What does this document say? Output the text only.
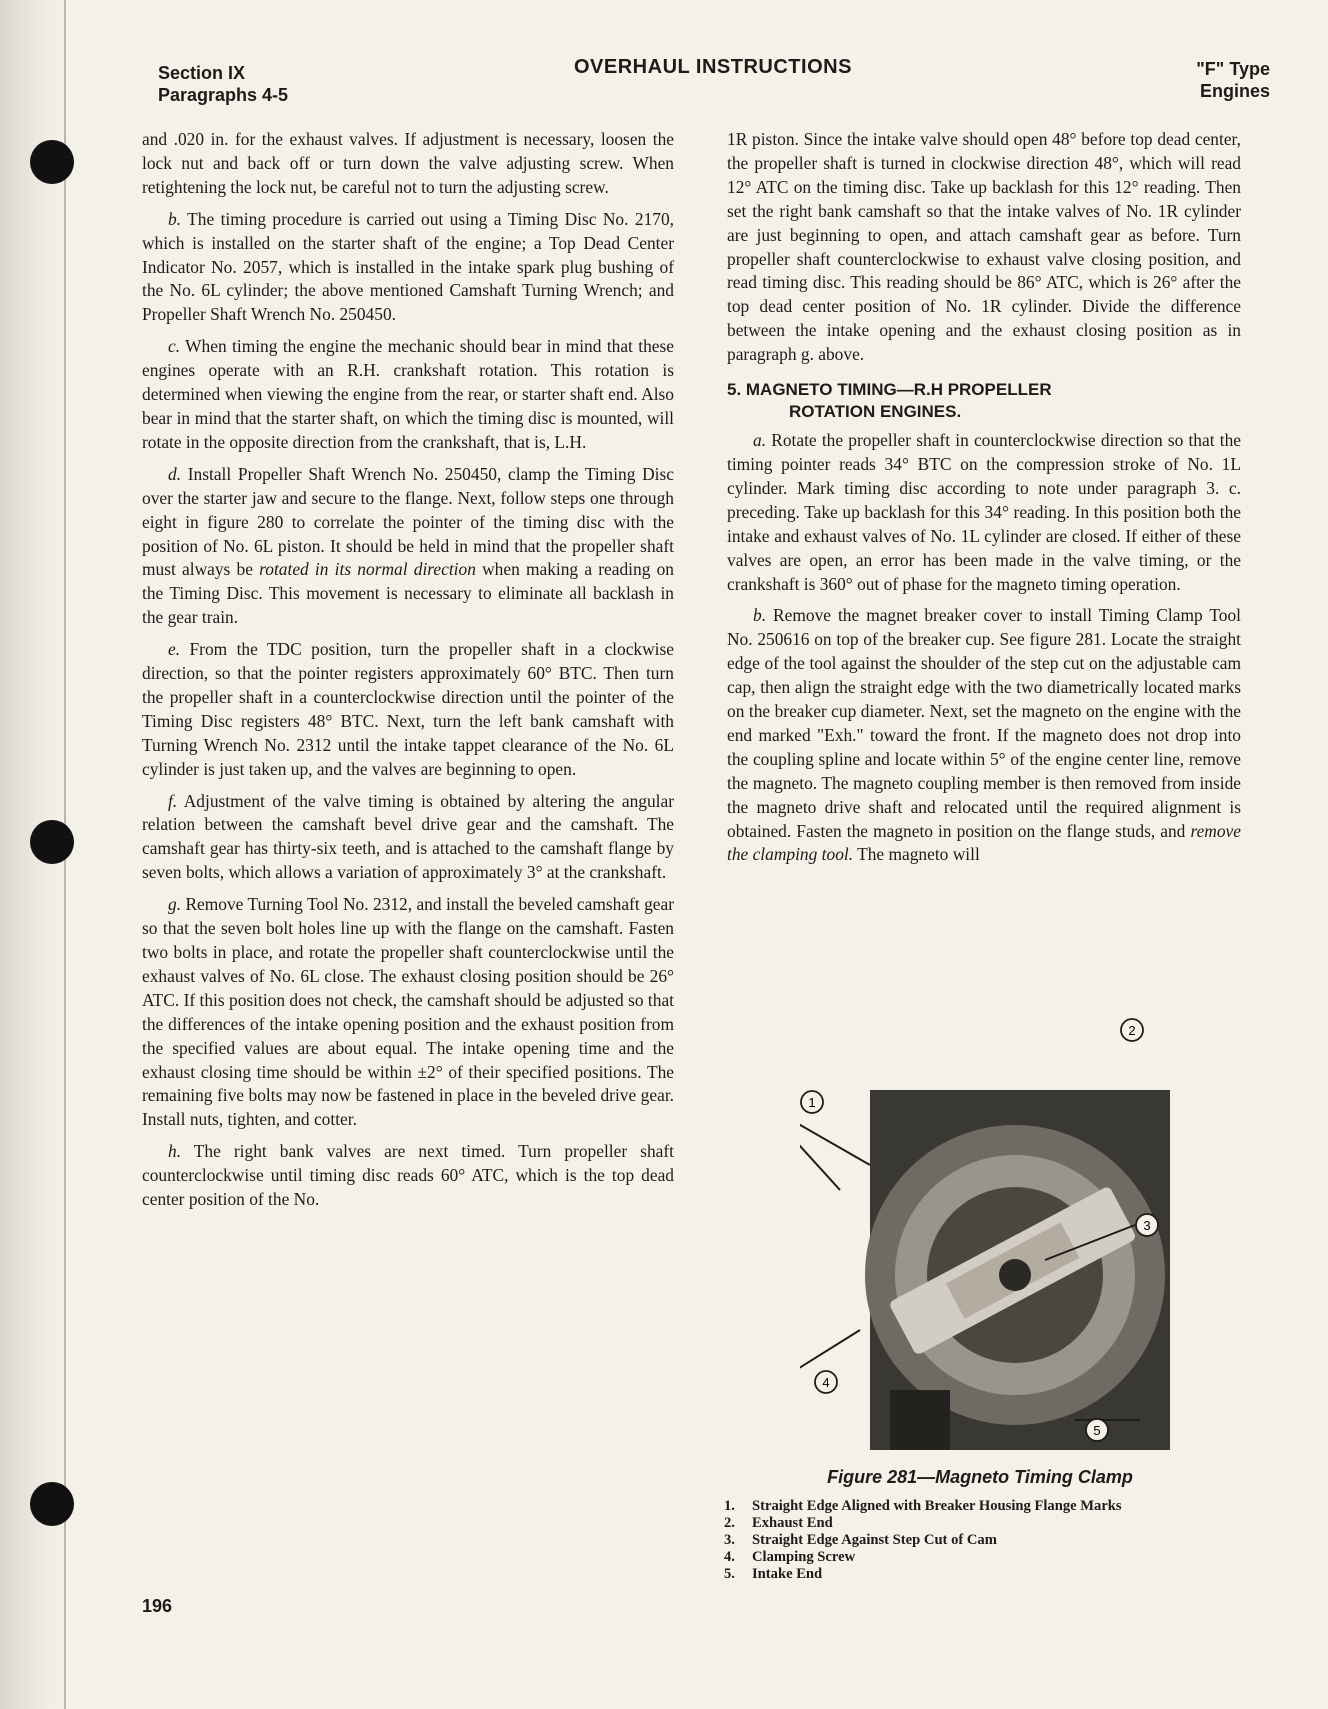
Section IX
Paragraphs 4-5
OVERHAUL INSTRUCTIONS	"F" Type
Engines

and .020 in. for the exhaust valves. If adjustment is necessary, loosen the lock nut and back off or turn down the valve adjusting screw. When retightening the lock nut, be careful not to turn the adjusting screw.

b. The timing procedure is carried out using a Timing Disc No. 2170, which is installed on the starter shaft of the engine; a Top Dead Center Indicator No. 2057, which is installed in the intake spark plug bushing of the No. 6L cylinder; the above mentioned Camshaft Turning Wrench; and Propeller Shaft Wrench No. 250450.

c. When timing the engine the mechanic should bear in mind that these engines operate with an R.H. crankshaft rotation. This rotation is determined when viewing the engine from the rear, or starter shaft end. Also bear in mind that the starter shaft, on which the timing disc is mounted, will rotate in the opposite direction from the crankshaft, that is, L.H.

d. Install Propeller Shaft Wrench No. 250450, clamp the Timing Disc over the starter jaw and secure to the flange. Next, follow steps one through eight in figure 280 to correlate the pointer of the timing disc with the position of No. 6L piston. It should be held in mind that the propeller shaft must always be rotated in its normal direction when making a reading on the Timing Disc. This movement is necessary to eliminate all backlash in the gear train.

e. From the TDC position, turn the propeller shaft in a clockwise direction, so that the pointer registers approximately 60° BTC. Then turn the propeller shaft in a counterclockwise direction until the pointer of the Timing Disc registers 48° BTC. Next, turn the left bank camshaft with Turning Wrench No. 2312 until the intake tappet clearance of the No. 6L cylinder is just taken up, and the valves are beginning to open.

f. Adjustment of the valve timing is obtained by altering the angular relation between the camshaft bevel drive gear and the camshaft. The camshaft gear has thirty-six teeth, and is attached to the camshaft flange by seven bolts, which allows a variation of approximately 3° at the crankshaft.

g. Remove Turning Tool No. 2312, and install the beveled camshaft gear so that the seven bolt holes line up with the flange on the camshaft. Fasten two bolts in place, and rotate the propeller shaft counterclockwise until the exhaust valves of No. 6L close. The exhaust closing position should be 26° ATC. If this position does not check, the camshaft should be adjusted so that the differences of the intake opening position and the exhaust position from the specified values are about equal. The intake opening time and the exhaust closing time should be within ±2° of their specified positions. The remaining five bolts may now be fastened in place in the beveled drive gear. Install nuts, tighten, and cotter.

h. The right bank valves are next timed. Turn propeller shaft counterclockwise until timing disc reads 60° ATC, which is the top dead center position of the No.

1R piston. Since the intake valve should open 48° before top dead center, the propeller shaft is turned in clockwise direction 48°, which will read 12° ATC on the timing disc. Take up backlash for this 12° reading. Then set the right bank camshaft so that the intake valves of No. 1R cylinder are just beginning to open, and attach camshaft gear as before. Turn propeller shaft counterclockwise to exhaust valve closing position, and read timing disc. This reading should be 86° ATC, which is 26° after the top dead center position of No. 1R cylinder. Divide the difference between the intake opening and the exhaust closing position as in paragraph g. above.

5. MAGNETO TIMING—R.H PROPELLER
ROTATION ENGINES.

a. Rotate the propeller shaft in counterclockwise direction so that the timing pointer reads 34° BTC on the compression stroke of No. 1L cylinder. Mark timing disc according to note under paragraph 3. c. preceding. Take up backlash for this 34° reading. In this position both the intake and exhaust valves of No. 1L cylinder are closed. If either of these valves are open, an error has been made in the valve timing, or the crankshaft is 360° out of phase for the magneto timing operation.

b. Remove the magnet breaker cover to install Timing Clamp Tool No. 250616 on top of the breaker cup. See figure 281. Locate the straight edge of the tool against the shoulder of the step cut on the adjustable cam cap, then align the straight edge with the two diametrically located marks on the breaker cup diameter. Next, set the magneto on the engine with the end marked "Exh." toward the front. If the magneto does not drop into the coupling spline and locate within 5° of the engine center line, remove the magneto. The magneto coupling member is then removed from inside the magneto drive shaft and relocated until the required alignment is obtained. Fasten the magneto in position on the flange studs, and remove the clamping tool. The magneto will

1
2
3
4
5
Figure 281—Magneto Timing Clamp
1.	Straight Edge Aligned with Breaker Housing Flange Marks
2.	Exhaust End
3.	Straight Edge Against Step Cut of Cam
4.	Clamping Screw
5.	Intake End
196
